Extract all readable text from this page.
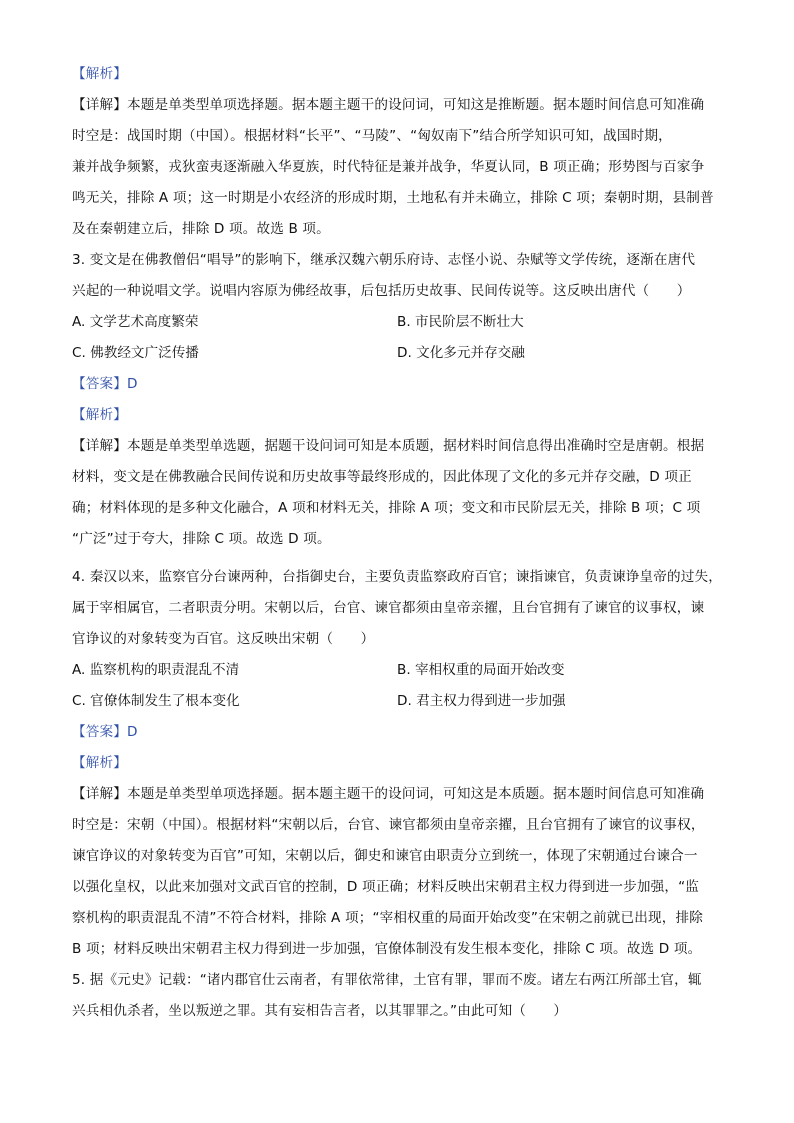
【解析】
【详解】本题是单类型单项选择题。据本题主题干的设问词，可知这是推断题。据本题时间信息可知准确
时空是：战国时期（中国）。根据材料“长平”、“马陵”、“匈奴南下”结合所学知识可知，战国时期，
兼并战争频繁，戎狄蛮夷逐渐融入华夏族，时代特征是兼并战争，华夏认同，B 项正确；形势图与百家争
鸣无关，排除 A 项；这一时期是小农经济的形成时期，土地私有并未确立，排除 C 项；秦朝时期，县制普
及在秦朝建立后，排除 D 项。故选 B 项。
3. 变文是在佛教僧侣“唱导”的影响下，继承汉魏六朝乐府诗、志怪小说、杂赋等文学传统，逐渐在唐代
兴起的一种说唱文学。说唱内容原为佛经故事，后包括历史故事、民间传说等。这反映出唐代（　　）
A. 文学艺术高度繁荣	B. 市民阶层不断壮大
C. 佛教经文广泛传播	D. 文化多元并存交融
【答案】D
【解析】
【详解】本题是单类型单选题，据题干设问词可知是本质题，据材料时间信息得出准确时空是唐朝。根据
材料，变文是在佛教融合民间传说和历史故事等最终形成的，因此体现了文化的多元并存交融，D 项正
确；材料体现的是多种文化融合，A 项和材料无关，排除 A 项；变文和市民阶层无关，排除 B 项；C 项
“广泛”过于夸大，排除 C 项。故选 D 项。
4. 秦汉以来，监察官分台谏两种，台指御史台，主要负责监察政府百官；谏指谏官，负责谏诤皇帝的过失，
属于宰相属官，二者职责分明。宋朝以后，台官、谏官都须由皇帝亲擢，且台官拥有了谏官的议事权，谏
官诤议的对象转变为百官。这反映出宋朝（　　）
A. 监察机构的职责混乱不清	B. 宰相权重的局面开始改变
C. 官僚体制发生了根本变化	D. 君主权力得到进一步加强
【答案】D
【解析】
【详解】本题是单类型单项选择题。据本题主题干的设问词，可知这是本质题。据本题时间信息可知准确
时空是：宋朝（中国）。根据材料“宋朝以后，台官、谏官都须由皇帝亲擢，且台官拥有了谏官的议事权，
谏官诤议的对象转变为百官”可知，宋朝以后，御史和谏官由职责分立到统一，体现了宋朝通过台谏合一
以强化皇权，以此来加强对文武百官的控制，D 项正确；材料反映出宋朝君主权力得到进一步加强，“监
察机构的职责混乱不清”不符合材料，排除 A 项；“宰相权重的局面开始改变”在宋朝之前就已出现，排除
B 项；材料反映出宋朝君主权力得到进一步加强，官僚体制没有发生根本变化，排除 C 项。故选 D 项。
5. 据《元史》记载：“诸内郡官仕云南者，有罪依常律，土官有罪，罪而不废。诸左右两江所部土官，辄
兴兵相仇杀者，坐以叛逆之罪。其有妄相告言者，以其罪罪之。”由此可知（　　）
